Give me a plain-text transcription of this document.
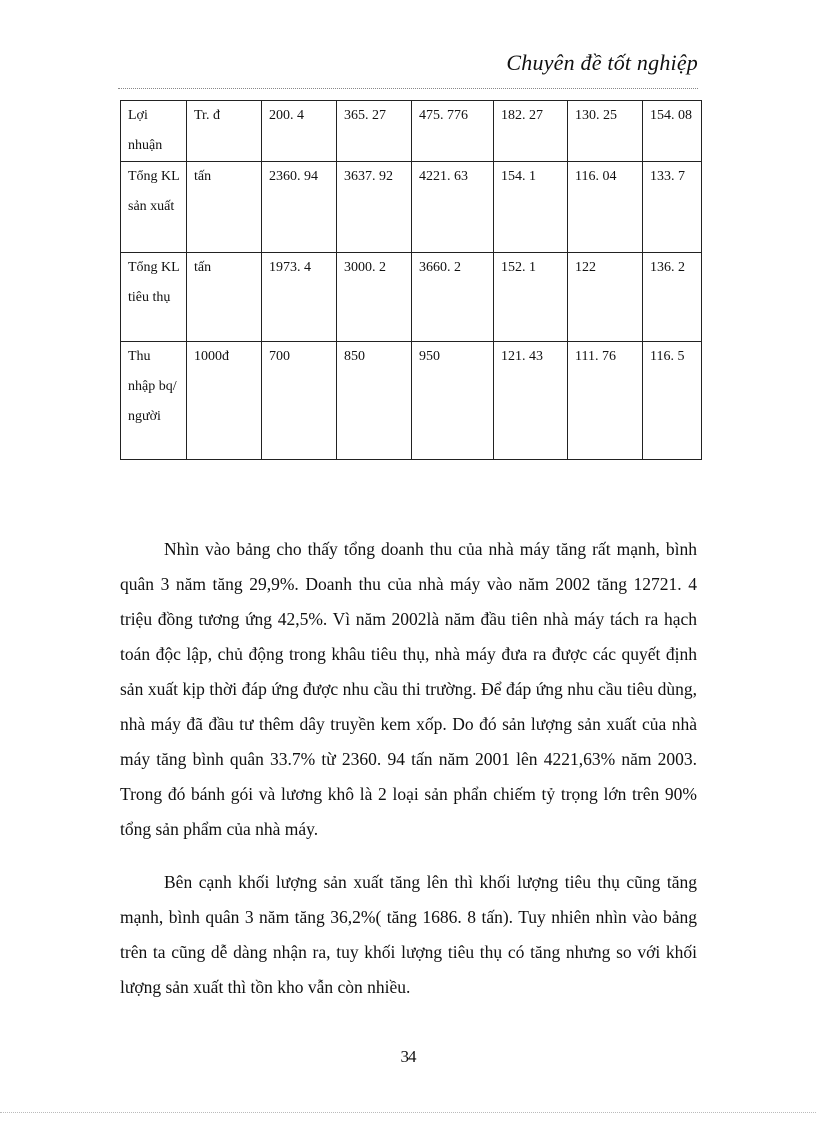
Chuyên đề tốt nghiệp
Lợi nhuận	Tr. đ	200. 4	365. 27	475. 776	182. 27	130. 25	154. 08
Tổng KL sản xuất	tấn	2360. 94	3637. 92	4221. 63	154. 1	116. 04	133. 7
Tổng KL tiêu thụ	tấn	1973. 4	3000. 2	3660. 2	152. 1	122	136. 2
Thu nhập bq/ người	1000đ	700	850	950	121. 43	111. 76	116. 5

Nhìn vào bảng cho thấy tổng doanh thu của nhà máy tăng rất mạnh, bình quân 3 năm tăng 29,9%. Doanh thu của nhà máy vào năm 2002 tăng 12721. 4 triệu đồng tương ứng 42,5%. Vì năm 2002là năm đầu tiên nhà máy tách ra hạch toán độc lập, chủ động trong khâu tiêu thụ, nhà máy đưa ra được các quyết định sản xuất kịp thời đáp ứng được nhu cầu thi trường. Để đáp ứng nhu cầu tiêu dùng, nhà máy đã đầu tư thêm dây truyền kem xốp. Do đó sản lượng sản xuất của nhà máy tăng bình quân 33.7% từ 2360. 94 tấn năm 2001 lên 4221,63% năm 2003. Trong đó bánh gói và lương khô là 2 loại sản phẩn chiếm tỷ trọng lớn trên 90% tổng sản phẩm của nhà máy.

Bên cạnh khối lượng sản xuất tăng lên thì khối lượng tiêu thụ cũng tăng mạnh, bình quân 3 năm tăng 36,2%( tăng 1686. 8 tấn). Tuy nhiên nhìn vào bảng trên ta cũng dễ dàng nhận ra, tuy khối lượng tiêu thụ có tăng nhưng so với khối lượng sản xuất thì tồn kho vẫn còn nhiều.

34
